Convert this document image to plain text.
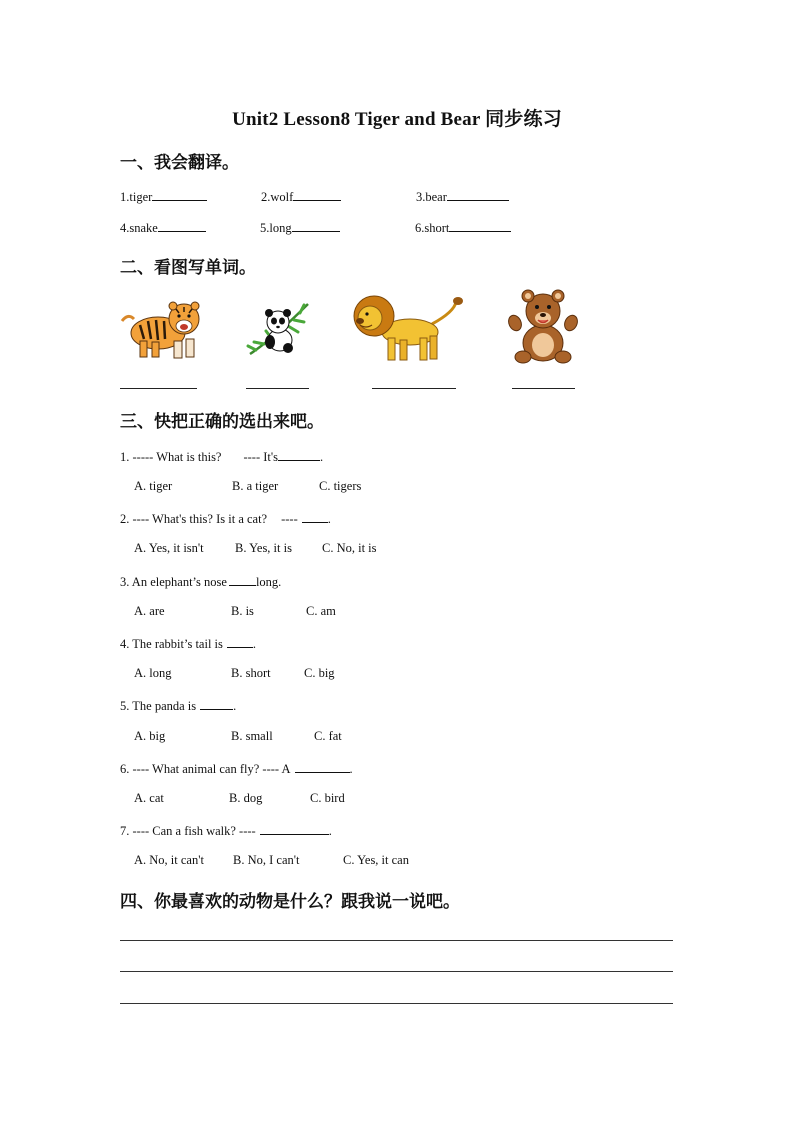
Unit2 Lesson8 Tiger and Bear 同步练习
一、我会翻译。
1.tiger	2.wolf	3.bear
4.snake	5.long	6.short
二、看图写单词。
三、快把正确的选出来吧。
1. ----- What is this? ---- It's	.
A. tiger	B. a tiger	C. tigers
2. ---- What's this? Is it a cat? ---- .
A. Yes, it isn't	B. Yes, it is C. No, it is
3. An elephant’s nose long.
A. are	B. is	C. am
4. The rabbit’s tail is .
A. long	B. short	C. big
5. The panda is	.
A. big	B. small	C. fat
6. ---- What animal can fly? ---- A	.
A. cat	B. dog	C. bird
7. ---- Can a fish walk? ----	.
A. No, it can't B. No, I can't	C. Yes, it can
四、你最喜欢的动物是什么？跟我说一说吧。
